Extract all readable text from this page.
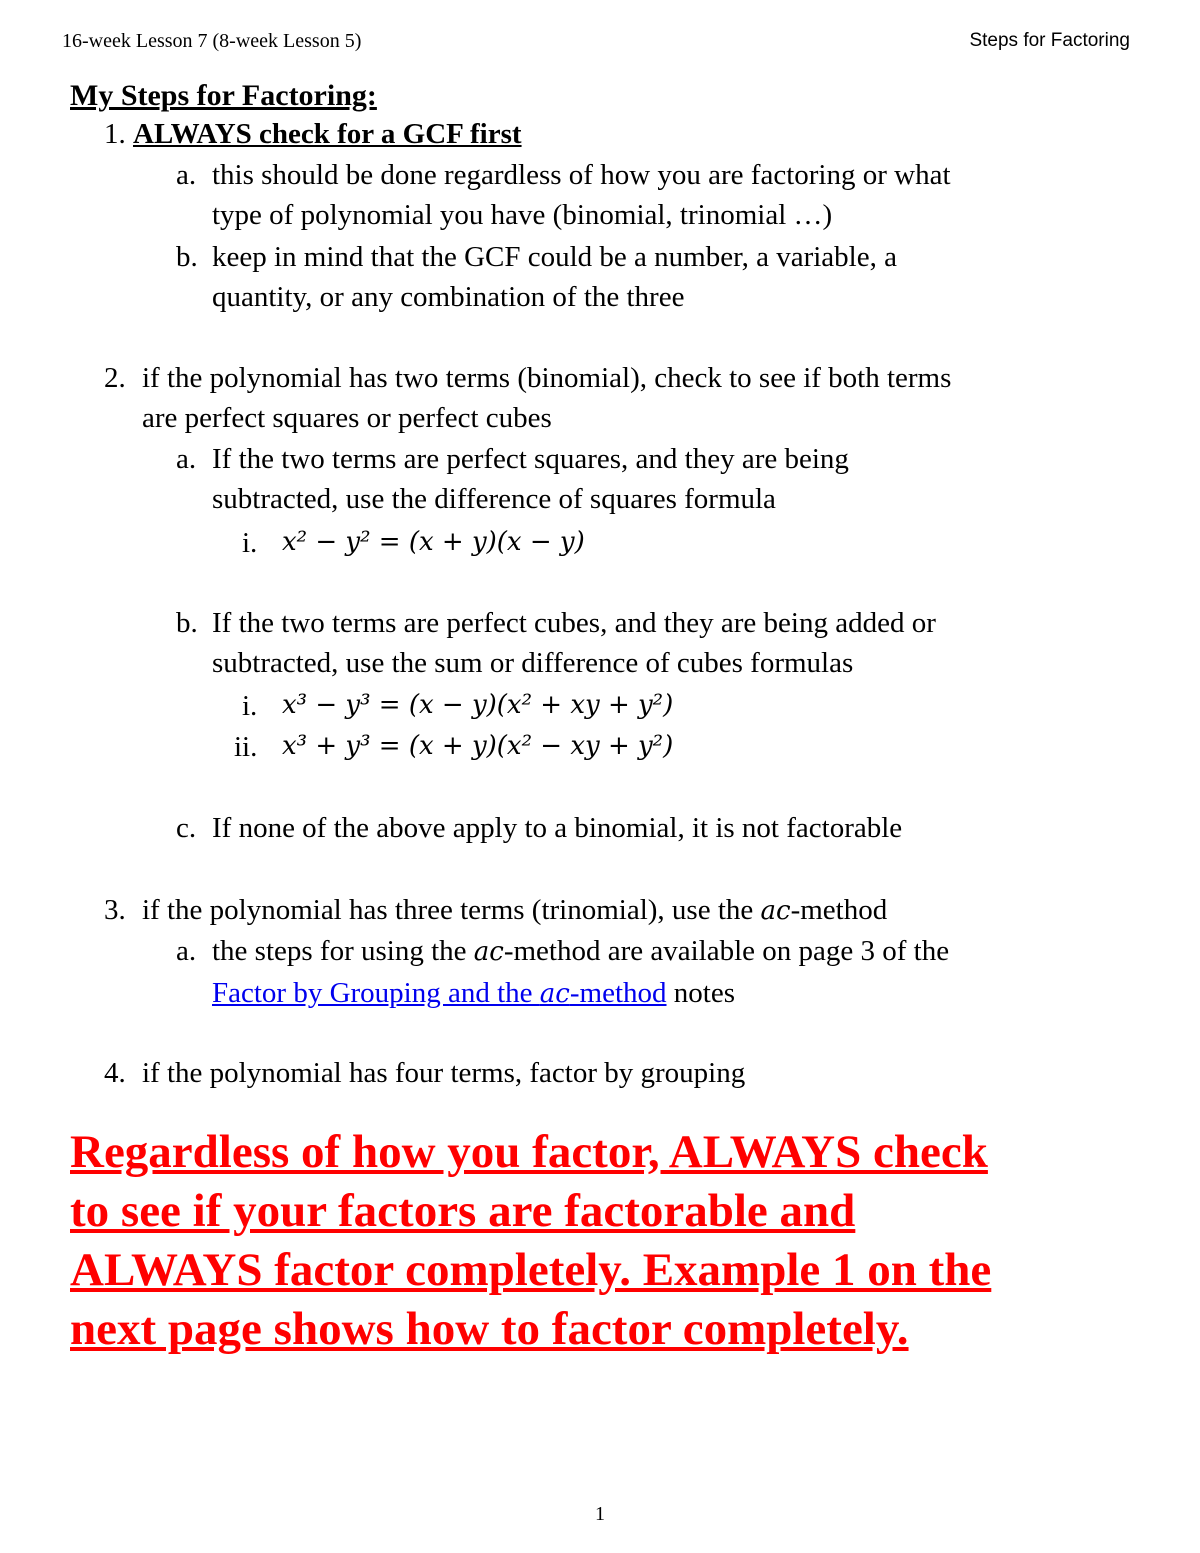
16-week Lesson 7 (8-week Lesson 5)	Steps for Factoring
My Steps for Factoring:
1. ALWAYS check for a GCF first
a. this should be done regardless of how you are factoring or what
type of polynomial you have (binomial, trinomial …)
b. keep in mind that the GCF could be a number, a variable, a
quantity, or any combination of the three
2. if the polynomial has two terms (binomial), check to see if both terms
are perfect squares or perfect cubes
a. If the two terms are perfect squares, and they are being
subtracted, use the difference of squares formula
i. x² − y² = (x + y)(x − y)
b. If the two terms are perfect cubes, and they are being added or
subtracted, use the sum or difference of cubes formulas
i. x³ − y³ = (x − y)(x² + xy + y²)
ii. x³ + y³ = (x + y)(x² − xy + y²)
c. If none of the above apply to a binomial, it is not factorable
3. if the polynomial has three terms (trinomial), use the ac-method
a. the steps for using the ac-method are available on page 3 of the
Factor by Grouping and the ac-method notes
4. if the polynomial has four terms, factor by grouping
Regardless of how you factor, ALWAYS check
to see if your factors are factorable and
ALWAYS factor completely. Example 1 on the
next page shows how to factor completely.
1
